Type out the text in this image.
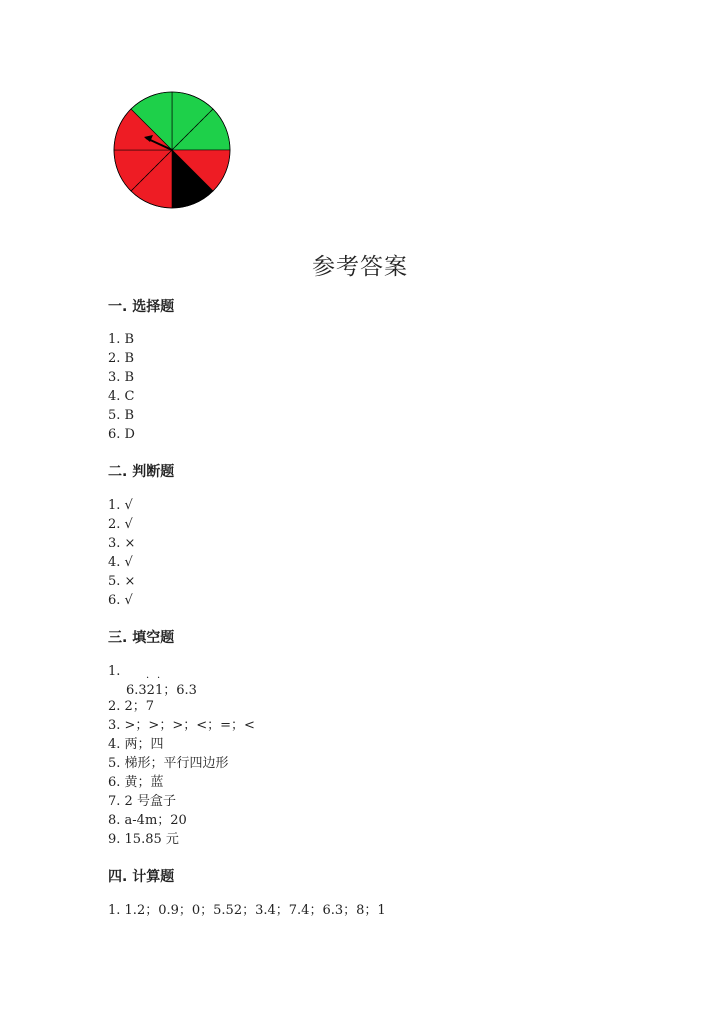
参考答案
一. 选择题
1. B
2. B
3. B
4. C
5. B
6. D
二. 判断题
1. √
2. √
3. ×
4. √
5. ×
6. √
三. 填空题
1.	· ·
6.321；6.3
2. 2；7
3. >；>；>；<；=；<
4. 两；四
5. 梯形；平行四边形
6. 黄；蓝
7. 2 号盒子
8. a-4m；20
9. 15.85 元
四. 计算题
1. 1.2；0.9；0；5.52；3.4；7.4；6.3；8；1
